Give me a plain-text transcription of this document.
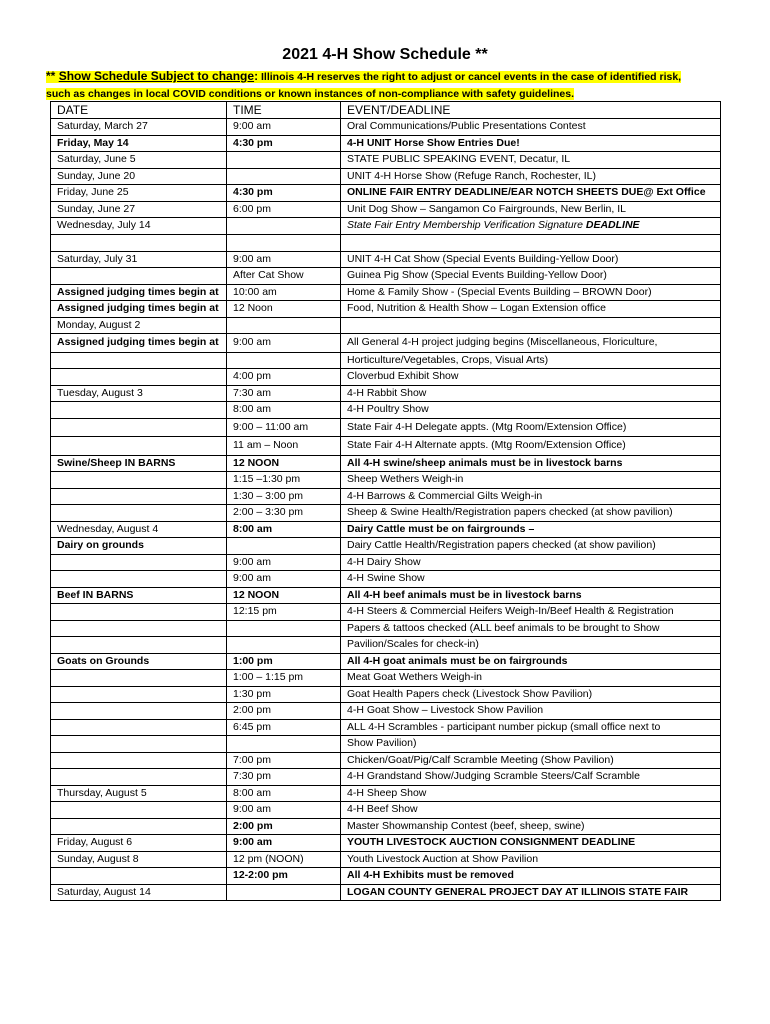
2021 4-H Show Schedule **
** Show Schedule Subject to change: Illinois 4-H reserves the right to adjust or cancel events in the case of identified risk,
such as changes in local COVID conditions or known instances of non-compliance with safety guidelines.
DATE	TIME	EVENT/DEADLINE
Saturday, March 27	9:00 am	Oral Communications/Public Presentations Contest
Friday, May 14	4:30 pm	4-H UNIT Horse Show Entries Due!
Saturday, June 5		STATE PUBLIC SPEAKING EVENT, Decatur, IL
Sunday, June 20		UNIT 4-H Horse Show (Refuge Ranch, Rochester, IL)
Friday, June 25	4:30 pm	ONLINE FAIR ENTRY DEADLINE/EAR NOTCH SHEETS DUE@ Ext Office
Sunday, June 27	6:00 pm	Unit Dog Show – Sangamon Co Fairgrounds, New Berlin, IL
Wednesday, July 14		State Fair Entry Membership Verification Signature DEADLINE

Saturday, July 31	9:00 am	UNIT 4-H Cat Show (Special Events Building-Yellow Door)
	After Cat Show	Guinea Pig Show (Special Events Building-Yellow Door)
Assigned judging times begin at	10:00 am	Home & Family Show - (Special Events Building – BROWN Door)
Assigned judging times begin at	12 Noon	Food, Nutrition & Health Show – Logan Extension office
Monday, August 2		
Assigned judging times begin at	9:00 am	All General 4-H project judging begins (Miscellaneous, Floriculture,
		Horticulture/Vegetables, Crops, Visual Arts)
	4:00 pm	Cloverbud Exhibit Show
Tuesday, August 3	7:30 am	4-H Rabbit Show
	8:00 am	4-H Poultry Show
	9:00 – 11:00 am	State Fair 4-H Delegate appts. (Mtg Room/Extension Office)
	11 am – Noon	State Fair 4-H Alternate appts. (Mtg Room/Extension Office)
Swine/Sheep IN BARNS	12 NOON	All 4-H swine/sheep animals must be in livestock barns
	1:15 –1:30 pm	Sheep Wethers Weigh-in
	1:30 – 3:00 pm	4-H Barrows & Commercial Gilts Weigh-in
	2:00 – 3:30 pm	Sheep & Swine Health/Registration papers checked (at show pavilion)
Wednesday, August 4	8:00 am	Dairy Cattle must be on fairgrounds –
Dairy on grounds		Dairy Cattle Health/Registration papers checked (at show pavilion)
	9:00 am	4-H Dairy Show
	9:00 am	4-H Swine Show
Beef IN BARNS	12 NOON	All 4-H beef animals must be in livestock barns
	12:15 pm	4-H Steers & Commercial Heifers Weigh-In/Beef Health & Registration
		Papers & tattoos checked (ALL beef animals to be brought to Show
		Pavilion/Scales for check-in)
Goats on Grounds	1:00 pm	All 4-H goat animals must be on fairgrounds
	1:00 – 1:15 pm	Meat Goat Wethers Weigh-in
	1:30 pm	Goat Health Papers check (Livestock Show Pavilion)
	2:00 pm	4-H Goat Show – Livestock Show Pavilion
	6:45 pm	ALL 4-H Scrambles - participant number pickup (small office next to
		Show Pavilion)
	7:00 pm	Chicken/Goat/Pig/Calf Scramble Meeting (Show Pavilion)
	7:30 pm	4-H Grandstand Show/Judging Scramble Steers/Calf Scramble
Thursday, August 5	8:00 am	4-H Sheep Show
	9:00 am	4-H Beef Show
	2:00 pm	Master Showmanship Contest (beef, sheep, swine)
Friday, August 6	9:00 am	YOUTH LIVESTOCK AUCTION CONSIGNMENT DEADLINE
Sunday, August 8	12 pm (NOON)	Youth Livestock Auction at Show Pavilion
	12-2:00 pm	All 4-H Exhibits must be removed
Saturday, August 14		LOGAN COUNTY GENERAL PROJECT DAY AT ILLINOIS STATE FAIR
